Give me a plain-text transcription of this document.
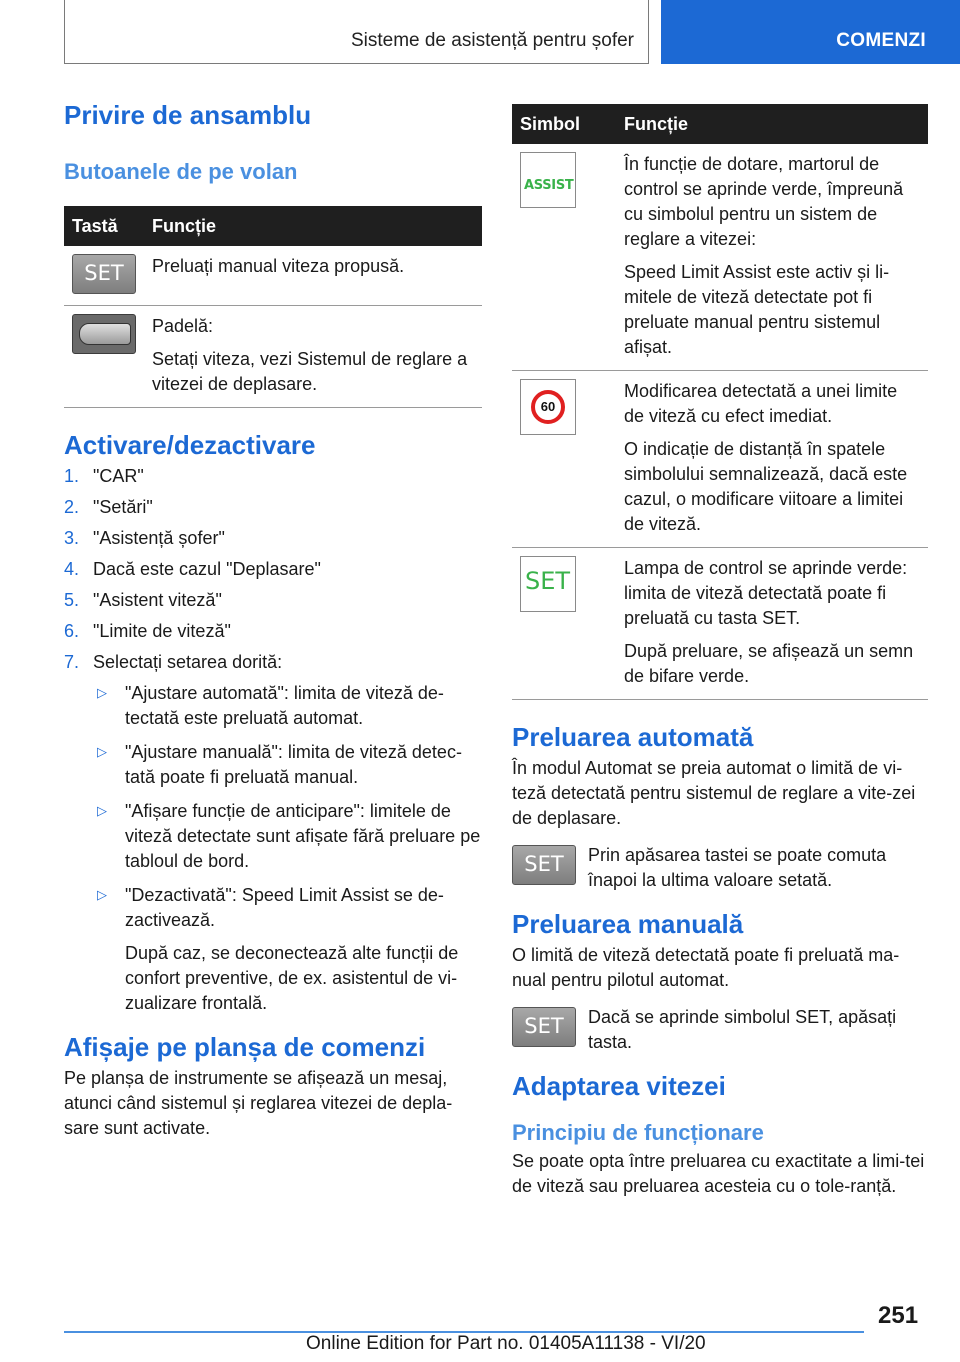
Sisteme de asistență pentru șofer	COMENZI
Privire de ansamblu
Butoanele de pe volan
Tastă	Funcție
SET	Preluați manual viteza propusă.

	Padelă:

Setați viteza, vezi Sistemul de reglare a vitezei de deplasare.

Activare/dezactivare
1. "CAR"
2. "Setări"
3. "Asistență șofer"
4. Dacă este cazul "Deplasare"
5. "Asistent viteză"
6. "Limite de viteză"
7. Selectați setarea dorită:
▷ "Ajustare automată": limita de viteză de-tectată este preluată automat.

▷ "Ajustare manuală": limita de viteză detec-tată poate fi preluată manual.

▷ "Afișare funcție de anticipare": limitele de viteză detectate sunt afișate fără preluare pe tabloul de bord.

▷ "Dezactivată": Speed Limit Assist se de-zactivează.

După caz, se deconectează alte funcții de confort preventive, de ex. asistentul de vi-zualizare frontală.

Afișaje pe planșa de comenzi

Pe planșa de instrumente se afișează un mesaj, atunci când sistemul și reglarea vitezei de depla-sare sunt activate.

Simbol	Funcție

ASSIST	În funcție de dotare, martorul de control se aprinde verde, împreună cu simbolul pentru un sistem de reglare a vitezei:

Speed Limit Assist este activ și li-mitele de viteză detectate pot fi preluate manual pentru sistemul afișat.

60	Modificarea detectată a unei limite de viteză cu efect imediat.

O indicație de distanță în spatele simbolului semnalizează, dacă este cazul, o modificare viitoare a limitei de viteză.

SET	Lampa de control se aprinde verde: limita de viteză detectată poate fi preluată cu tasta SET.

După preluare, se afișează un semn de bifare verde.

Preluarea automată

În modul Automat se preia automat o limită de vi-teză detectată pentru sistemul de reglare a vite-zei de deplasare.

SET	Prin apăsarea tastei se poate comuta înapoi la ultima valoare setată.

Preluarea manuală

O limită de viteză detectată poate fi preluată ma-nual pentru pilotul automat.

SET	Dacă se aprinde simbolul SET, apăsați tasta.

Adaptarea vitezei
Principiu de funcționare

Se poate opta între preluarea cu exactitate a limi-tei de viteză sau preluarea acesteia cu o tole-ranță.

251
Online Edition for Part no. 01405A11138 - VI/20
